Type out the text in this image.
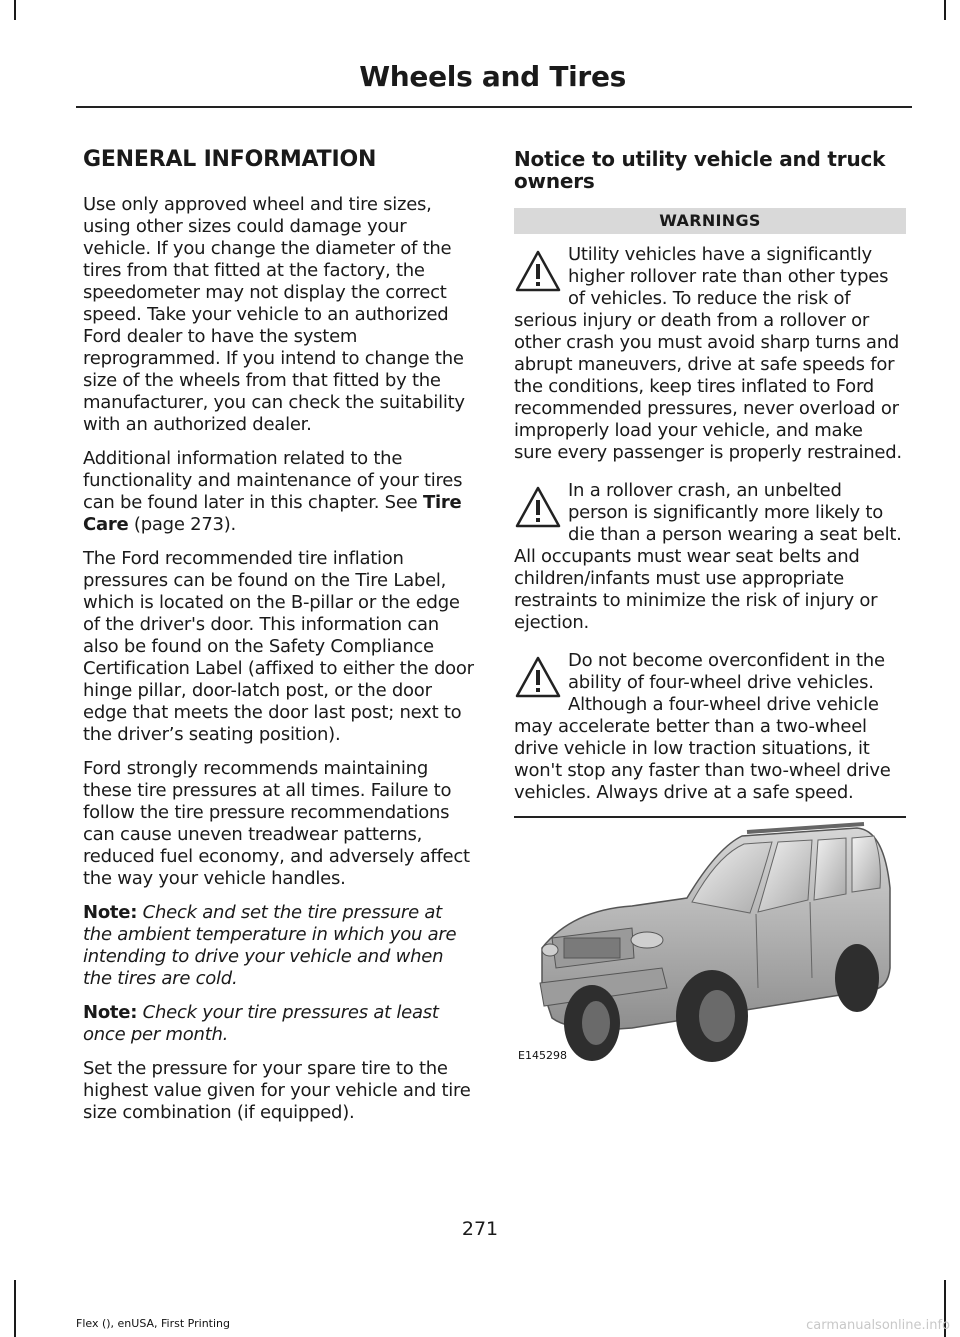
Wheels and Tires
GENERAL INFORMATION

Use only approved wheel and tire sizes, using other sizes could damage your vehicle. If you change the diameter of the tires from that fitted at the factory, the speedometer may not display the correct speed. Take your vehicle to an authorized Ford dealer to have the system reprogrammed. If you intend to change the size of the wheels from that fitted by the manufacturer, you can check the suitability with an authorized dealer.

Additional information related to the functionality and maintenance of your tires can be found later in this chapter. See Tire Care (page 273).

The Ford recommended tire inflation pressures can be found on the Tire Label, which is located on the B-pillar or the edge of the driver's door. This information can also be found on the Safety Compliance Certification Label (affixed to either the door hinge pillar, door-latch post, or the door edge that meets the door last post; next to the driver’s seating position).

Ford strongly recommends maintaining these tire pressures at all times. Failure to follow the tire pressure recommendations can cause uneven treadwear patterns, reduced fuel economy, and adversely affect the way your vehicle handles.

Note: Check and set the tire pressure at the ambient temperature in which you are intending to drive your vehicle and when the tires are cold.

Note: Check your tire pressures at least once per month.

Set the pressure for your spare tire to the highest value given for your vehicle and tire size combination (if equipped).

Notice to utility vehicle and truck owners
WARNINGS
Utility vehicles have a significantly higher rollover rate than other types of vehicles. To reduce the risk of serious injury or death from a rollover or other crash you must avoid sharp turns and abrupt maneuvers, drive at safe speeds for the conditions, keep tires inflated to Ford recommended pressures, never overload or improperly load your vehicle, and make sure every passenger is properly restrained.
In a rollover crash, an unbelted person is significantly more likely to die than a person wearing a seat belt. All occupants must wear seat belts and children/infants must use appropriate restraints to minimize the risk of injury or ejection.
Do not become overconfident in the ability of four-wheel drive vehicles. Although a four-wheel drive vehicle may accelerate better than a two-wheel drive vehicle in low traction situations, it won't stop any faster than two-wheel drive vehicles. Always drive at a safe speed.
E145298
271
Flex (), enUSA, First Printing	carmanualsonline.info
